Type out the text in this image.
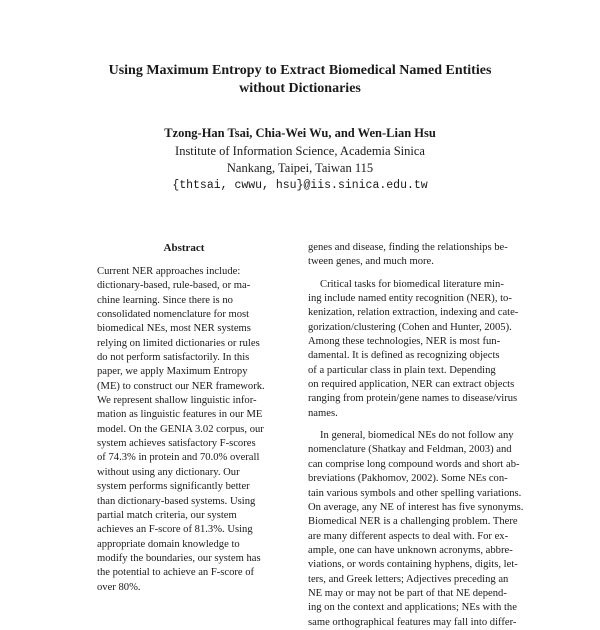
Using Maximum Entropy to Extract Biomedical Named Entities
without Dictionaries
Tzong-Han Tsai, Chia-Wei Wu, and Wen-Lian Hsu
Institute of Information Science, Academia Sinica
Nankang, Taipei, Taiwan 115
{thtsai, cwwu, hsu}@iis.sinica.edu.tw
Abstract
Current NER approaches include:
dictionary-based, rule-based, or ma-
chine learning. Since there is no
consolidated nomenclature for most
biomedical NEs, most NER systems
relying on limited dictionaries or rules
do not perform satisfactorily. In this
paper, we apply Maximum Entropy
(ME) to construct our NER framework.
We represent shallow linguistic infor-
mation as linguistic features in our ME
model. On the GENIA 3.02 corpus, our
system achieves satisfactory F-scores
of 74.3% in protein and 70.0% overall
without using any dictionary. Our
system performs significantly better
than dictionary-based systems. Using
partial match criteria, our system
achieves an F-score of 81.3%. Using
appropriate domain knowledge to
modify the boundaries, our system has
the potential to achieve an F-score of
over 80%.
genes and disease, finding the relationships be-
tween genes, and much more.
Critical tasks for biomedical literature min-
ing include named entity recognition (NER), to-
kenization, relation extraction, indexing and cate-
gorization/clustering (Cohen and Hunter, 2005).
Among these technologies, NER is most fun-
damental. It is defined as recognizing objects
of a particular class in plain text. Depending
on required application, NER can extract objects
ranging from protein/gene names to disease/virus
names.
In general, biomedical NEs do not follow any
nomenclature (Shatkay and Feldman, 2003) and
can comprise long compound words and short ab-
breviations (Pakhomov, 2002). Some NEs con-
tain various symbols and other spelling variations.
On average, any NE of interest has five synonyms.
Biomedical NER is a challenging problem. There
are many different aspects to deal with. For ex-
ample, one can have unknown acronyms, abbre-
viations, or words containing hyphens, digits, let-
ters, and Greek letters; Adjectives preceding an
NE may or may not be part of that NE depend-
ing on the context and applications; NEs with the
same orthographical features may fall into differ-
